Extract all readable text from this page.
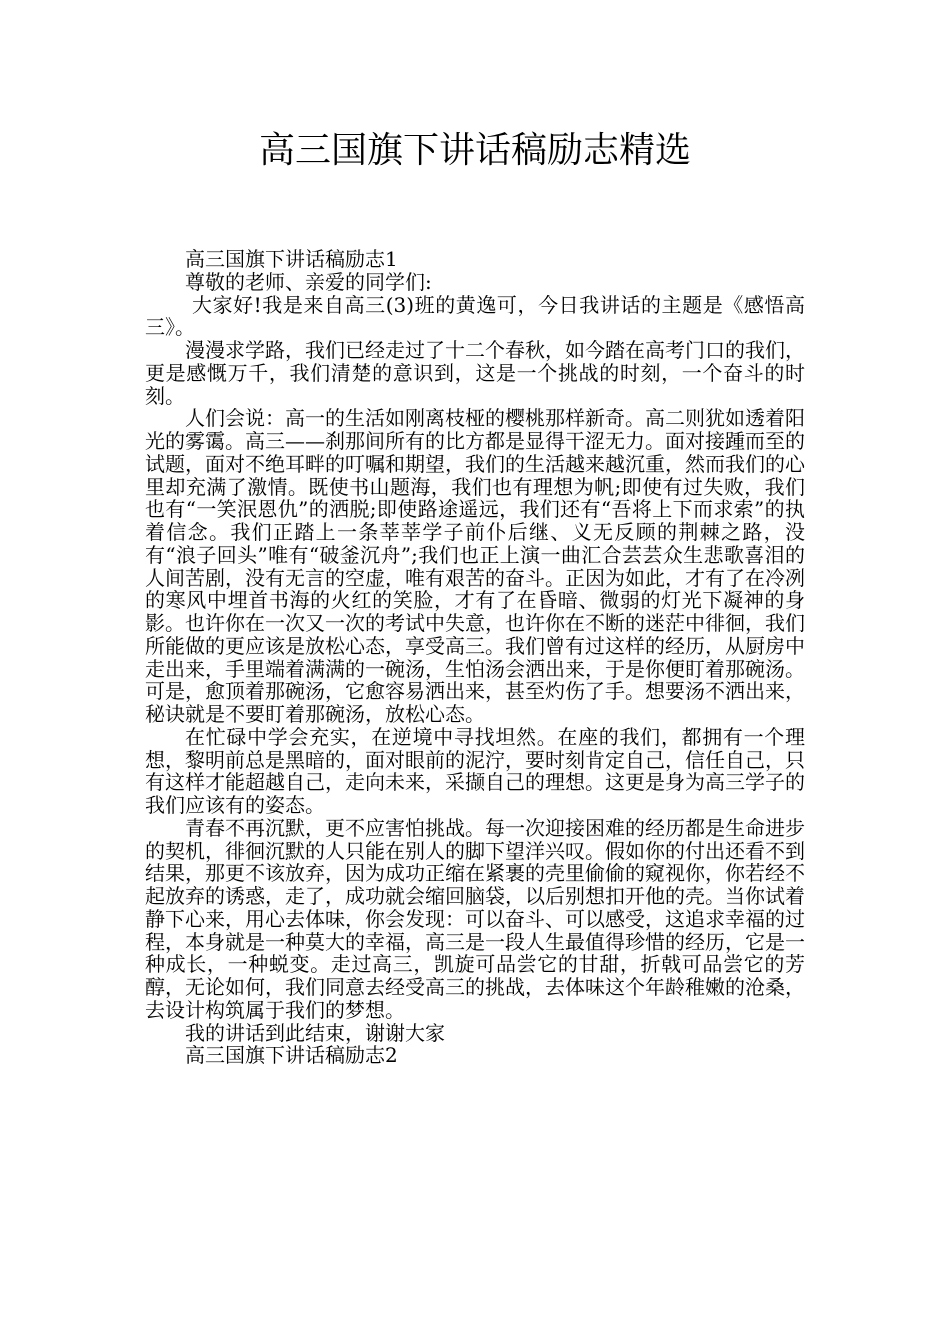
高三国旗下讲话稿励志精选

高三国旗下讲话稿励志1

尊敬的老师、亲爱的同学们:

大家好!我是来自高三(3)班的黄逸可，今日我讲话的主题是《感悟高三》。

漫漫求学路，我们已经走过了十二个春秋，如今踏在高考门口的我们，更是感慨万千，我们清楚的意识到，这是一个挑战的时刻，一个奋斗的时刻。

人们会说：高一的生活如刚离枝桠的樱桃那样新奇。高二则犹如透着阳光的雾霭。高三——刹那间所有的比方都是显得干涩无力。面对接踵而至的试题，面对不绝耳畔的叮嘱和期望，我们的生活越来越沉重，然而我们的心里却充满了激情。既使书山题海，我们也有理想为帆;即使有过失败，我们也有“一笑泯恩仇”的洒脱;即使路途遥远，我们还有“吾将上下而求索”的执着信念。我们正踏上一条莘莘学子前仆后继、义无反顾的荆棘之路，没有“浪子回头”唯有“破釜沉舟”;我们也正上演一曲汇合芸芸众生悲歌喜泪的人间苦剧，没有无言的空虚，唯有艰苦的奋斗。正因为如此，才有了在冷冽的寒风中埋首书海的火红的笑脸，才有了在昏暗、微弱的灯光下凝神的身影。也许你在一次又一次的考试中失意，也许你在不断的迷茫中徘徊，我们所能做的更应该是放松心态，享受高三。我们曾有过这样的经历，从厨房中走出来，手里端着满满的一碗汤，生怕汤会洒出来，于是你便盯着那碗汤。可是，愈顶着那碗汤，它愈容易洒出来，甚至灼伤了手。想要汤不洒出来，秘诀就是不要盯着那碗汤，放松心态。

在忙碌中学会充实，在逆境中寻找坦然。在座的我们，都拥有一个理想，黎明前总是黑暗的，面对眼前的泥泞，要时刻肯定自己，信任自己，只有这样才能超越自己，走向未来，采撷自己的理想。这更是身为高三学子的我们应该有的姿态。

青春不再沉默，更不应害怕挑战。每一次迎接困难的经历都是生命进步的契机，徘徊沉默的人只能在别人的脚下望洋兴叹。假如你的付出还看不到结果，那更不该放弃，因为成功正缩在紧裹的壳里偷偷的窥视你，你若经不起放弃的诱惑，走了，成功就会缩回脑袋，以后别想扣开他的壳。当你试着静下心来，用心去体味，你会发现：可以奋斗、可以感受，这追求幸福的过程，本身就是一种莫大的幸福，高三是一段人生最值得珍惜的经历，它是一种成长，一种蜕变。走过高三，凯旋可品尝它的甘甜，折戟可品尝它的芳醇，无论如何，我们同意去经受高三的挑战，去体味这个年龄稚嫩的沧桑，去设计构筑属于我们的梦想。

我的讲话到此结束，谢谢大家

高三国旗下讲话稿励志2
